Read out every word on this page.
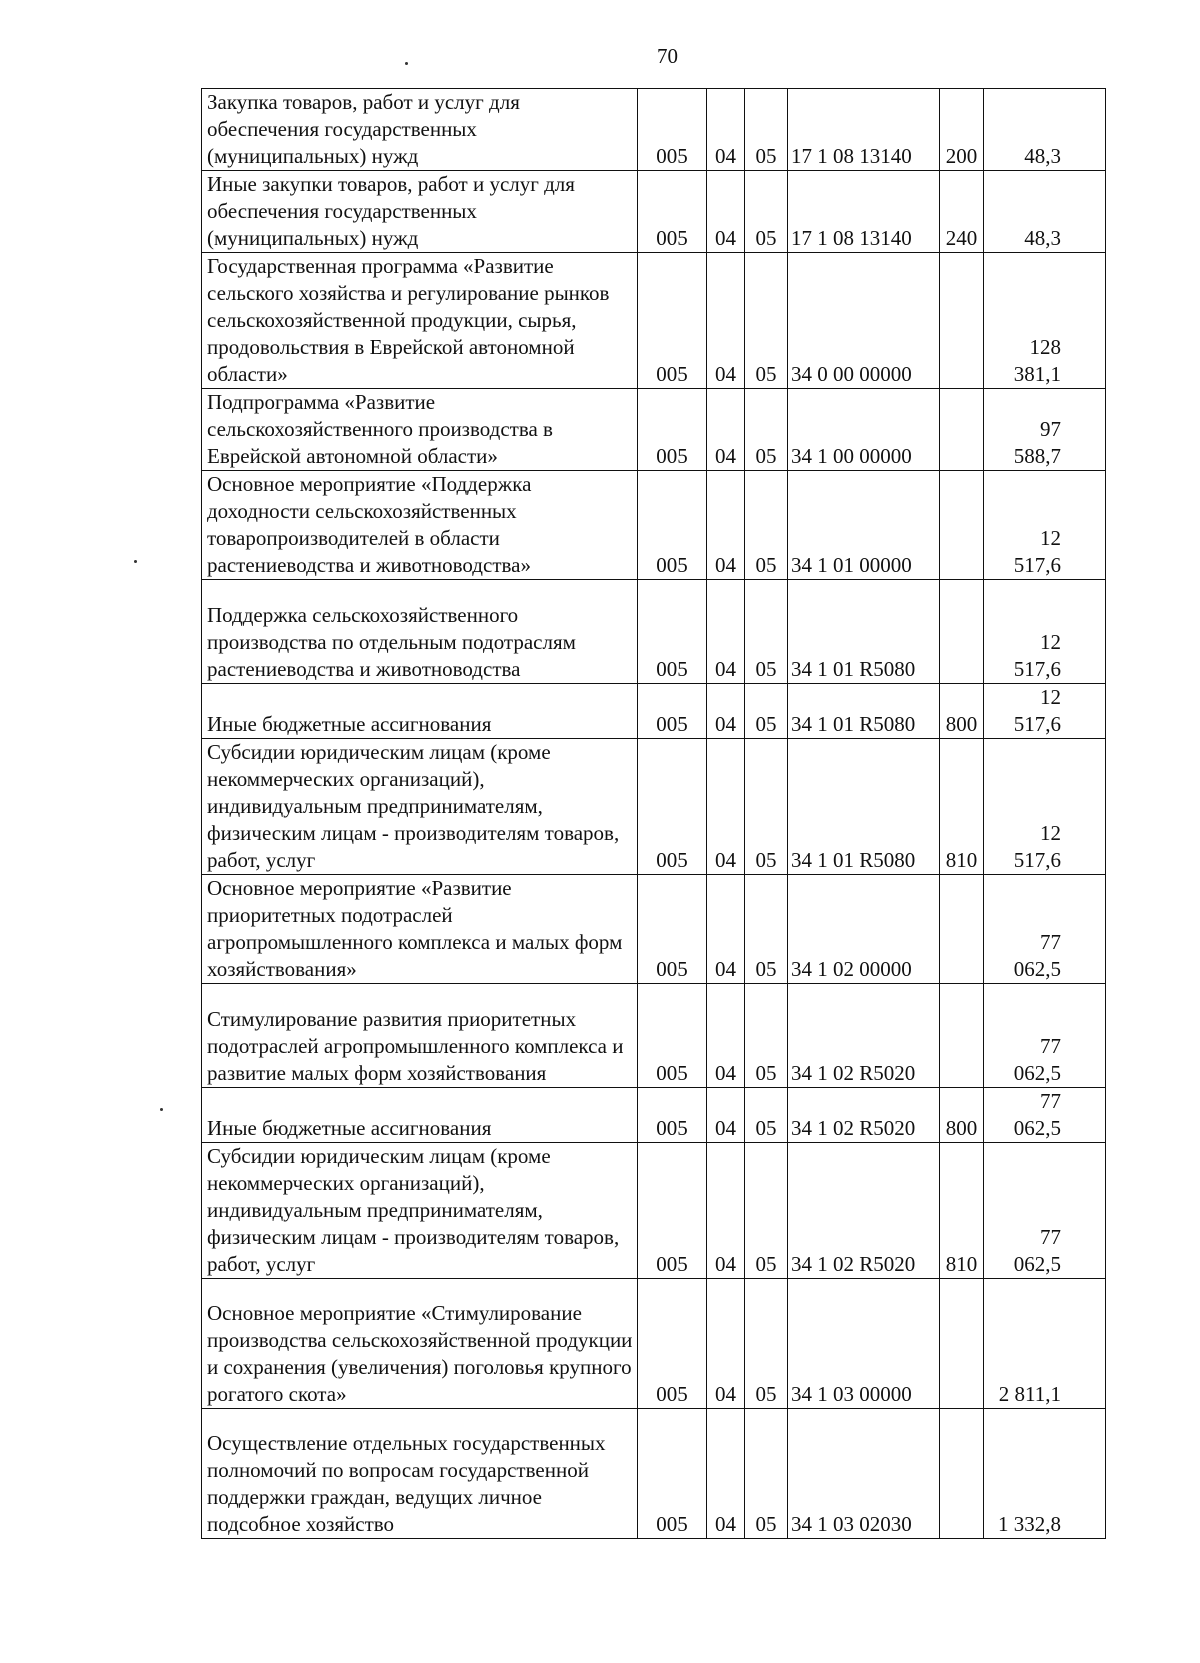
70
Закупка товаров, работ и услуг для обеспечения государственных (муниципальных) нужд	005	04	05	17 1 08 13140	200	48,3
Иные закупки товаров, работ и услуг для обеспечения государственных (муниципальных) нужд	005	04	05	17 1 08 13140	240	48,3
Государственная программа «Развитие сельского хозяйства и регулирование рынков сельскохозяйственной продукции, сырья, продовольствия в Еврейской автономной области»	005	04	05	34 0 00 00000		128 381,1
Подпрограмма «Развитие сельскохозяйственного производства в Еврейской автономной области»	005	04	05	34 1 00 00000		97 588,7
Основное мероприятие «Поддержка доходности сельскохозяйственных товаропроизводителей в области растениеводства и животноводства»	005	04	05	34 1 01 00000		12 517,6
Поддержка сельскохозяйственного производства по отдельным подотраслям растениеводства и животноводства	005	04	05	34 1 01 R5080		12 517,6
Иные бюджетные ассигнования	005	04	05	34 1 01 R5080	800	12 517,6
Субсидии юридическим лицам (кроме некоммерческих организаций), индивидуальным предпринимателям, физическим лицам - производителям товаров, работ, услуг	005	04	05	34 1 01 R5080	810	12 517,6
Основное мероприятие «Развитие приоритетных подотраслей агропромышленного комплекса и малых форм хозяйствования»	005	04	05	34 1 02 00000		77 062,5
Стимулирование развития приоритетных подотраслей агропромышленного комплекса и развитие малых форм хозяйствования	005	04	05	34 1 02 R5020		77 062,5
Иные бюджетные ассигнования	005	04	05	34 1 02 R5020	800	77 062,5
Субсидии юридическим лицам (кроме некоммерческих организаций), индивидуальным предпринимателям, физическим лицам - производителям товаров, работ, услуг	005	04	05	34 1 02 R5020	810	77 062,5
Основное мероприятие «Стимулирование производства сельскохозяйственной продукции и сохранения (увеличения) поголовья крупного рогатого скота»	005	04	05	34 1 03 00000		2 811,1
Осуществление отдельных государственных полномочий по вопросам государственной поддержки граждан, ведущих личное подсобное хозяйство	005	04	05	34 1 03 02030		1 332,8
